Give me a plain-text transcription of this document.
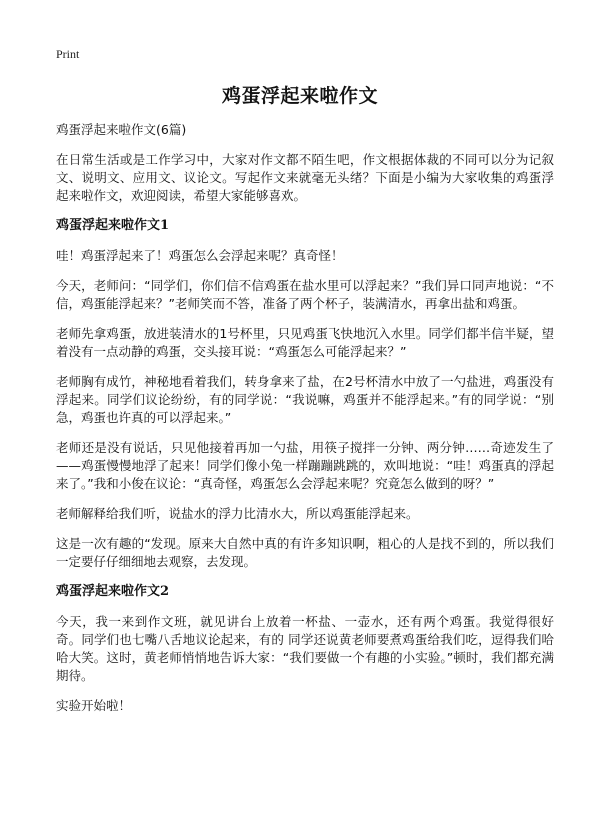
Print
鸡蛋浮起来啦作文

鸡蛋浮起来啦作文(6篇)

在日常生活或是工作学习中，大家对作文都不陌生吧，作文根据体裁的不同可以分为记叙文、说明文、应用文、议论文。写起作文来就毫无头绪？下面是小编为大家收集的鸡蛋浮起来啦作文，欢迎阅读，希望大家能够喜欢。

鸡蛋浮起来啦作文1

哇！鸡蛋浮起来了！鸡蛋怎么会浮起来呢？真奇怪！

今天，老师问：“同学们，你们信不信鸡蛋在盐水里可以浮起来？”我们异口同声地说：“不信，鸡蛋能浮起来？”老师笑而不答，准备了两个杯子，装满清水，再拿出盐和鸡蛋。

老师先拿鸡蛋，放进装清水的1号杯里，只见鸡蛋飞快地沉入水里。同学们都半信半疑，望着没有一点动静的鸡蛋，交头接耳说：“鸡蛋怎么可能浮起来？”

老师胸有成竹，神秘地看着我们，转身拿来了盐，在2号杯清水中放了一勺盐进，鸡蛋没有浮起来。同学们议论纷纷，有的同学说：“我说嘛，鸡蛋并不能浮起来。”有的同学说：“别急，鸡蛋也许真的可以浮起来。”

老师还是没有说话，只见他接着再加一勺盐，用筷子搅拌一分钟、两分钟……奇迹发生了——鸡蛋慢慢地浮了起来！同学们像小兔一样蹦蹦跳跳的，欢叫地说：“哇！鸡蛋真的浮起来了。”我和小俊在议论：“真奇怪，鸡蛋怎么会浮起来呢？究竟怎么做到的呀？”

老师解释给我们听，说盐水的浮力比清水大，所以鸡蛋能浮起来。

这是一次有趣的“发现。原来大自然中真的有许多知识啊，粗心的人是找不到的，所以我们一定要仔仔细细地去观察，去发现。

鸡蛋浮起来啦作文2

今天，我一来到作文班，就见讲台上放着一杯盐、一壶水，还有两个鸡蛋。我觉得很好奇。同学们也七嘴八舌地议论起来，有的 同学还说黄老师要煮鸡蛋给我们吃，逗得我们哈哈大笑。这时，黄老师悄悄地告诉大家：“我们要做一个有趣的小实验。”顿时，我们都充满期待。

实验开始啦！
